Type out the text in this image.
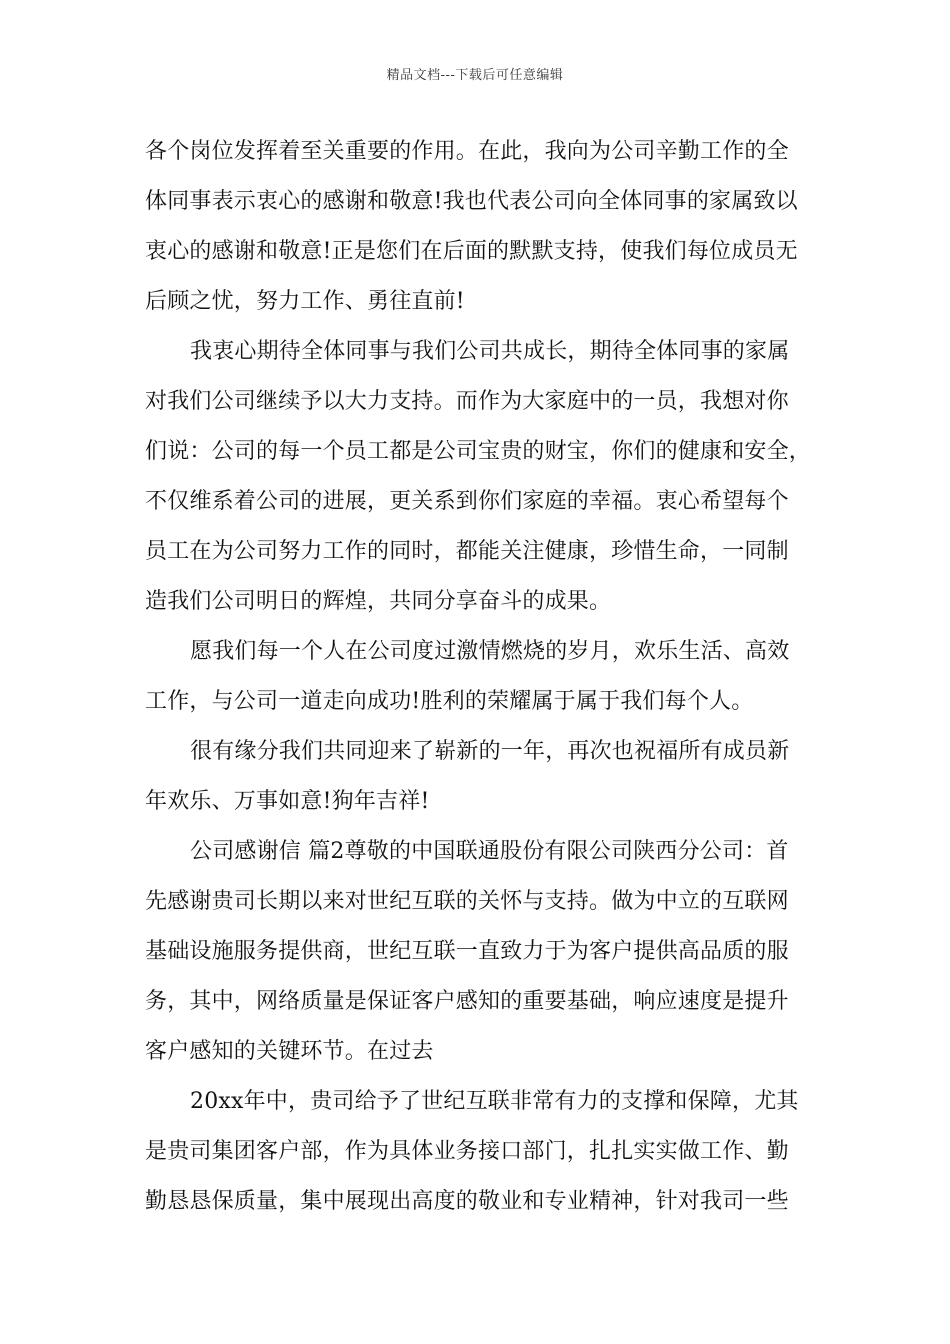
精品文档---下载后可任意编辑
各个岗位发挥着至关重要的作用。在此，我向为公司辛勤工作的全
体同事表示衷心的感谢和敬意!我也代表公司向全体同事的家属致以
衷心的感谢和敬意!正是您们在后面的默默支持，使我们每位成员无
后顾之忧，努力工作、勇往直前!
我衷心期待全体同事与我们公司共成长，期待全体同事的家属
对我们公司继续予以大力支持。而作为大家庭中的一员，我想对你
们说：公司的每一个员工都是公司宝贵的财宝，你们的健康和安全，
不仅维系着公司的进展，更关系到你们家庭的幸福。衷心希望每个
员工在为公司努力工作的同时，都能关注健康，珍惜生命，一同制
造我们公司明日的辉煌，共同分享奋斗的成果。
愿我们每一个人在公司度过激情燃烧的岁月，欢乐生活、高效
工作，与公司一道走向成功!胜利的荣耀属于属于我们每个人。
很有缘分我们共同迎来了崭新的一年，再次也祝福所有成员新
年欢乐、万事如意!狗年吉祥!
公司感谢信 篇2尊敬的中国联通股份有限公司陕西分公司：首
先感谢贵司长期以来对世纪互联的关怀与支持。做为中立的互联网
基础设施服务提供商，世纪互联一直致力于为客户提供高品质的服
务，其中，网络质量是保证客户感知的重要基础，响应速度是提升
客户感知的关键环节。在过去
20xx年中，贵司给予了世纪互联非常有力的支撑和保障，尤其
是贵司集团客户部，作为具体业务接口部门，扎扎实实做工作、勤
勤恳恳保质量，集中展现出高度的敬业和专业精神，针对我司一些
